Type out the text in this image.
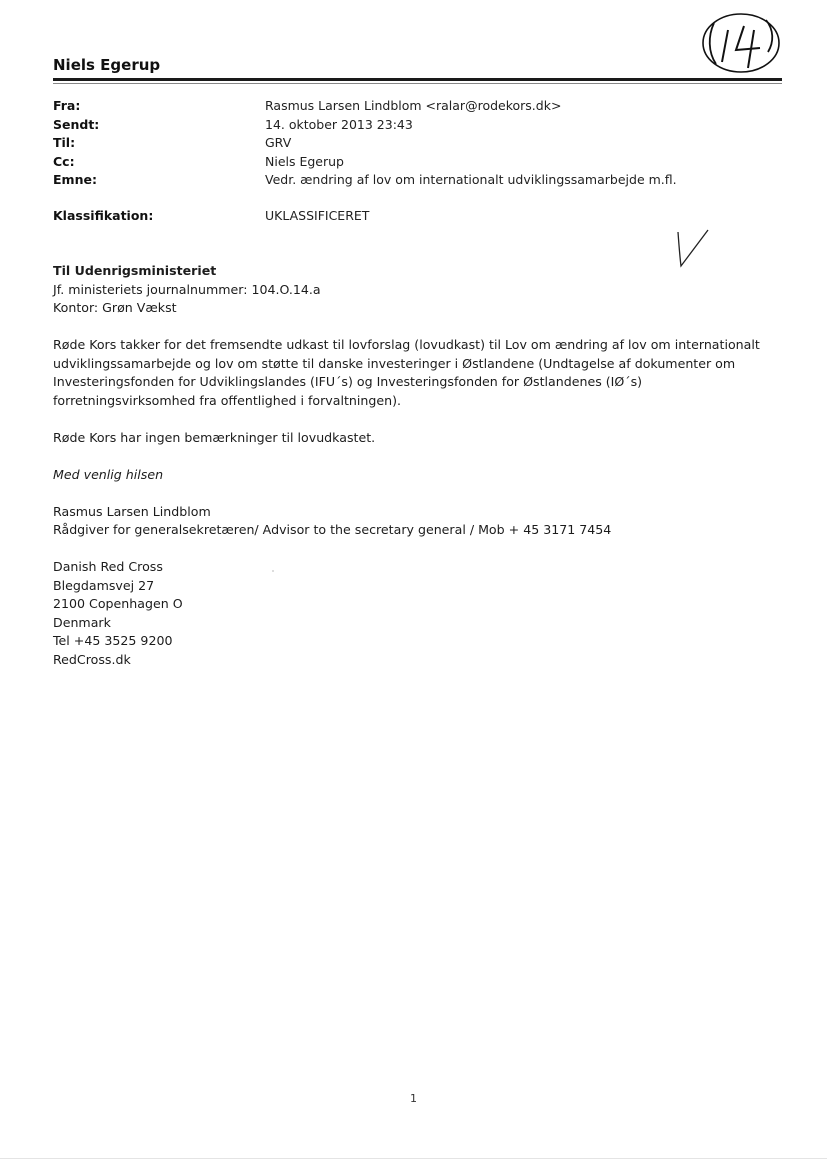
Niels Egerup
Fra:	Rasmus Larsen Lindblom <ralar@rodekors.dk>
Sendt:	14. oktober 2013 23:43
Til:	GRV
Cc:	Niels Egerup
Emne:	Vedr. ændring af lov om internationalt udviklingssamarbejde m.fl.
Klassifikation:	UKLASSIFICERET

Til Udenrigsministeriet

Jf. ministeriets journalnummer: 104.O.14.a

Kontor: Grøn Vækst

Røde Kors takker for det fremsendte udkast til lovforslag (lovudkast) til Lov om ændring af lov om internationalt udviklingssamarbejde og lov om støtte til danske investeringer i Østlandene (Undtagelse af dokumenter om Investeringsfonden for Udviklingslandes (IFU´s) og Investeringsfonden for Østlandenes (IØ´s) forretningsvirksomhed fra offentlighed i forvaltningen).

Røde Kors har ingen bemærkninger til lovudkastet.

Med venlig hilsen

Rasmus Larsen Lindblom

Rådgiver for generalsekretæren/ Advisor to the secretary general / Mob + 45 3171 7454

Danish Red Cross

Blegdamsvej 27

2100 Copenhagen O

Denmark

Tel +45 3525 9200

RedCross.dk

1
